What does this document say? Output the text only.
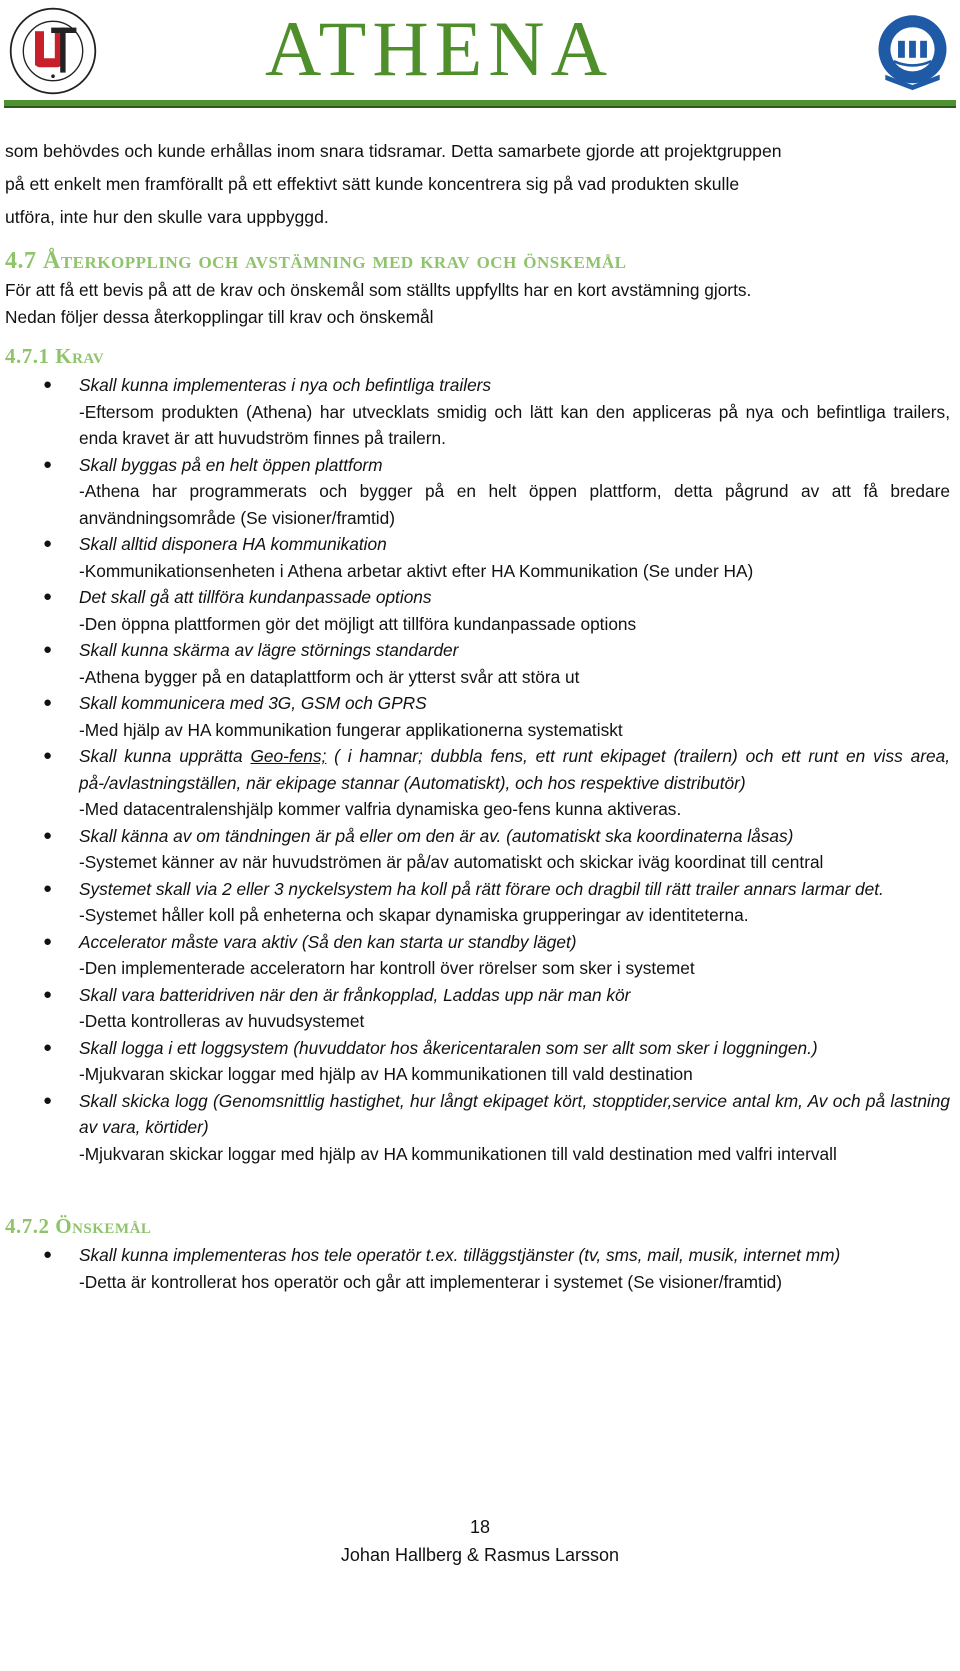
ATHENA

som behövdes och kunde erhållas inom snara tidsramar. Detta samarbete gjorde att projektgruppen
på ett enkelt men framförallt på ett effektivt sätt kunde koncentrera sig på vad produkten skulle
utföra, inte hur den skulle vara uppbyggd.

4.7 Återkoppling och avstämning med krav och önskemål

För att få ett bevis på att de krav och önskemål som ställts uppfyllts har en kort avstämning gjorts.
Nedan följer dessa återkopplingar till krav och önskemål

4.7.1 Krav
● Skall kunna implementeras i nya och befintliga trailers
-Eftersom produkten (Athena) har utvecklats smidig och lätt kan den appliceras på nya och befintliga trailers, enda kravet är att huvudström finnes på trailern.
● Skall byggas på en helt öppen plattform
-Athena har programmerats och bygger på en helt öppen plattform, detta pågrund av att få bredare användningsområde (Se visioner/framtid)
● Skall alltid disponera HA kommunikation
-Kommunikationsenheten i Athena arbetar aktivt efter HA Kommunikation (Se under HA)
● Det skall gå att tillföra kundanpassade options
-Den öppna plattformen gör det möjligt att tillföra kundanpassade options
● Skall kunna skärma av lägre störnings standarder
-Athena bygger på en dataplattform och är ytterst svår att störa ut
● Skall kommunicera med 3G, GSM och GPRS
-Med hjälp av HA kommunikation fungerar applikationerna systematiskt
● Skall kunna upprätta Geo-fens; ( i hamnar; dubbla fens, ett runt ekipaget (trailern) och ett runt en viss area, på-/avlastningställen, när ekipage stannar (Automatiskt), och hos respektive distributör)
-Med datacentralenshjälp kommer valfria dynamiska geo-fens kunna aktiveras.
● Skall känna av om tändningen är på eller om den är av. (automatiskt ska koordinaterna låsas)
-Systemet känner av när huvudströmen är på/av automatiskt och skickar iväg koordinat till central
● Systemet skall via 2 eller 3 nyckelsystem ha koll på rätt förare och dragbil till rätt trailer annars larmar det.
-Systemet håller koll på enheterna och skapar dynamiska grupperingar av identiteterna.
● Accelerator måste vara aktiv (Så den kan starta ur standby läget)
-Den implementerade acceleratorn har kontroll över rörelser som sker i systemet
● Skall vara batteridriven när den är frånkopplad, Laddas upp när man kör
-Detta kontrolleras av huvudsystemet
● Skall logga i ett loggsystem (huvuddator hos åkericentaralen som ser allt som sker i loggningen.)
-Mjukvaran skickar loggar med hjälp av HA kommunikationen till vald destination
● Skall skicka logg (Genomsnittlig hastighet, hur långt ekipaget kört, stopptider,service antal km, Av och på lastning av vara, körtider)
-Mjukvaran skickar loggar med hjälp av HA kommunikationen till vald destination med valfri intervall
4.7.2 Önskemål
● Skall kunna implementeras hos tele operatör t.ex. tilläggstjänster (tv, sms, mail, musik, internet mm)
-Detta är kontrollerat hos operatör och går att implementerar i systemet (Se visioner/framtid)
18
Johan Hallberg & Rasmus Larsson
